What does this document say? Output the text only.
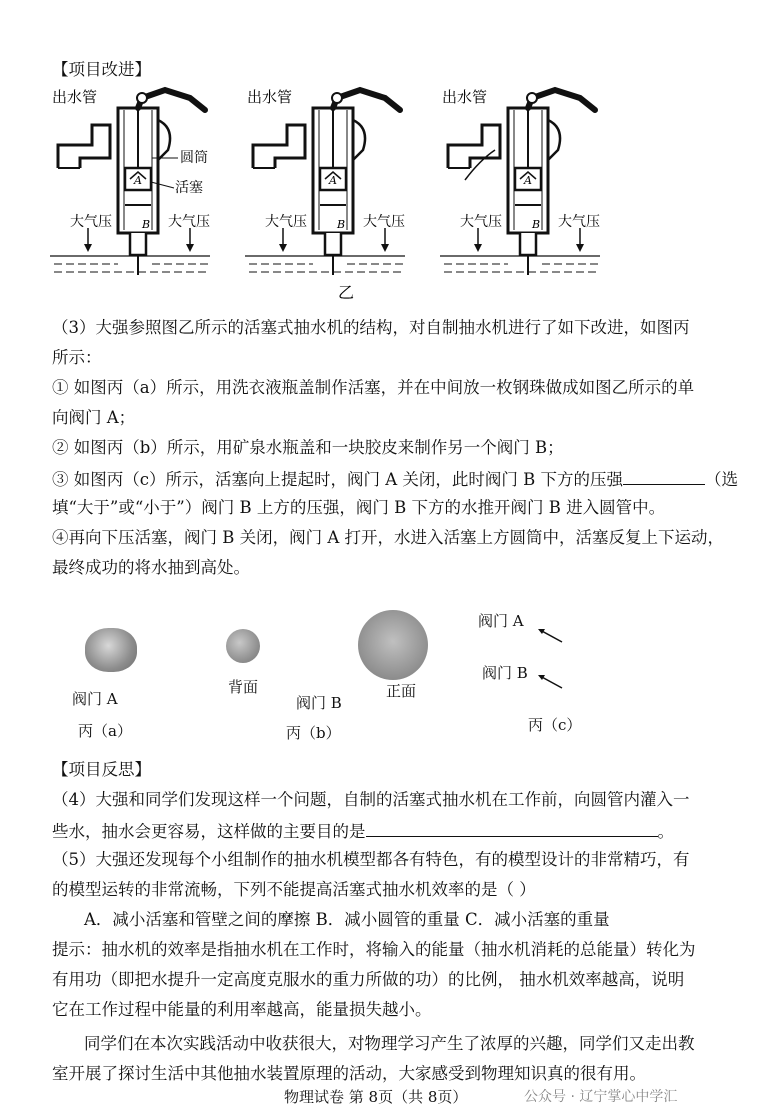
【项目改进】
出水管
圆筒
活塞
A
B
大气压	大气压
出水管
A
B
大气压	大气压
出水管
A
B
大气压	大气压
乙
（3）大强参照图乙所示的活塞式抽水机的结构，对自制抽水机进行了如下改进，如图丙
所示：
① 如图丙（a）所示，用洗衣液瓶盖制作活塞，并在中间放一枚钢珠做成如图乙所示的单
向阀门 A；
② 如图丙（b）所示，用矿泉水瓶盖和一块胶皮来制作另一个阀门 B；
③ 如图丙（c）所示，活塞向上提起时，阀门 A 关闭，此时阀门 B 下方的压强	（选
填“大于”或“小于”）阀门 B 上方的压强，阀门 B 下方的水推开阀门 B 进入圆管中。
④再向下压活塞，阀门 B 关闭，阀门 A 打开，水进入活塞上方圆筒中，活塞反复上下运动，
最终成功的将水抽到高处。
阀门 A
丙（a）
背面	正面
阀门 B
丙（b）
阀门 A
阀门 B
丙（c）
【项目反思】
（4）大强和同学们发现这样一个问题，自制的活塞式抽水机在工作前，向圆管内灌入一
些水，抽水会更容易，这样做的主要目的是	。
（5）大强还发现每个小组制作的抽水机模型都各有特色，有的模型设计的非常精巧，有
的模型运转的非常流畅，下列不能提高活塞式抽水机效率的是（ ）
A．减小活塞和管壁之间的摩擦 B．减小圆管的重量 C．减小活塞的重量
提示：抽水机的效率是指抽水机在工作时，将输入的能量（抽水机消耗的总能量）转化为
有用功（即把水提升一定高度克服水的重力所做的功）的比例， 抽水机效率越高，说明
它在工作过程中能量的利用率越高，能量损失越小。
同学们在本次实践活动中收获很大，对物理学习产生了浓厚的兴趣，同学们又走出教
室开展了探讨生活中其他抽水装置原理的活动，大家感受到物理知识真的很有用。
物理试卷 第 8页（共 8页）	公众号 · 辽宁掌心中学汇
